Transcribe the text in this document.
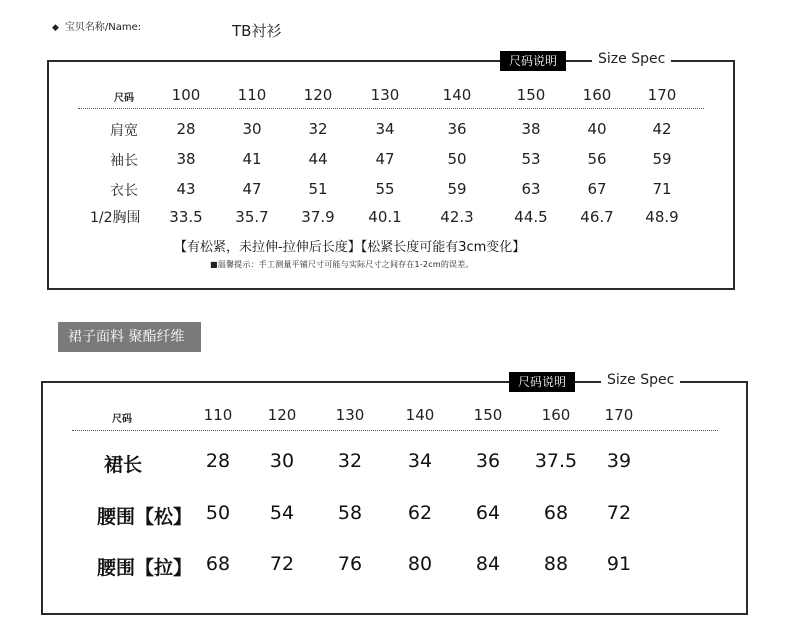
◆ 宝贝名称/Name:	TB衬衫
尺码说明	Size Spec
尺码
【有松紧，未拉伸-拉伸后长度】【松紧长度可能有3cm变化】
■温馨提示：手工测量平铺尺寸可能与实际尺寸之间存在1-2cm的误差。
裙子面料 聚酯纤维
尺码说明	Size Spec
尺码
100 110 120	130	140	150 160 170
肩宽	28	30	32	34	36	38	40	42
袖长	38	41	44	47	50	53	56	59
衣长	43	47	51	55	59	63	67	71
1/2胸围 33.5 35.7 37.9 40.1	42.3	44.5 46.7 48.9
110 120	130	140	150	160 170
裙长	28 30 32 34 36 37.5 39
腰围【松】 50 54 58 62 64 68 72
腰围【拉】 68 72 76 80 84 88 91
